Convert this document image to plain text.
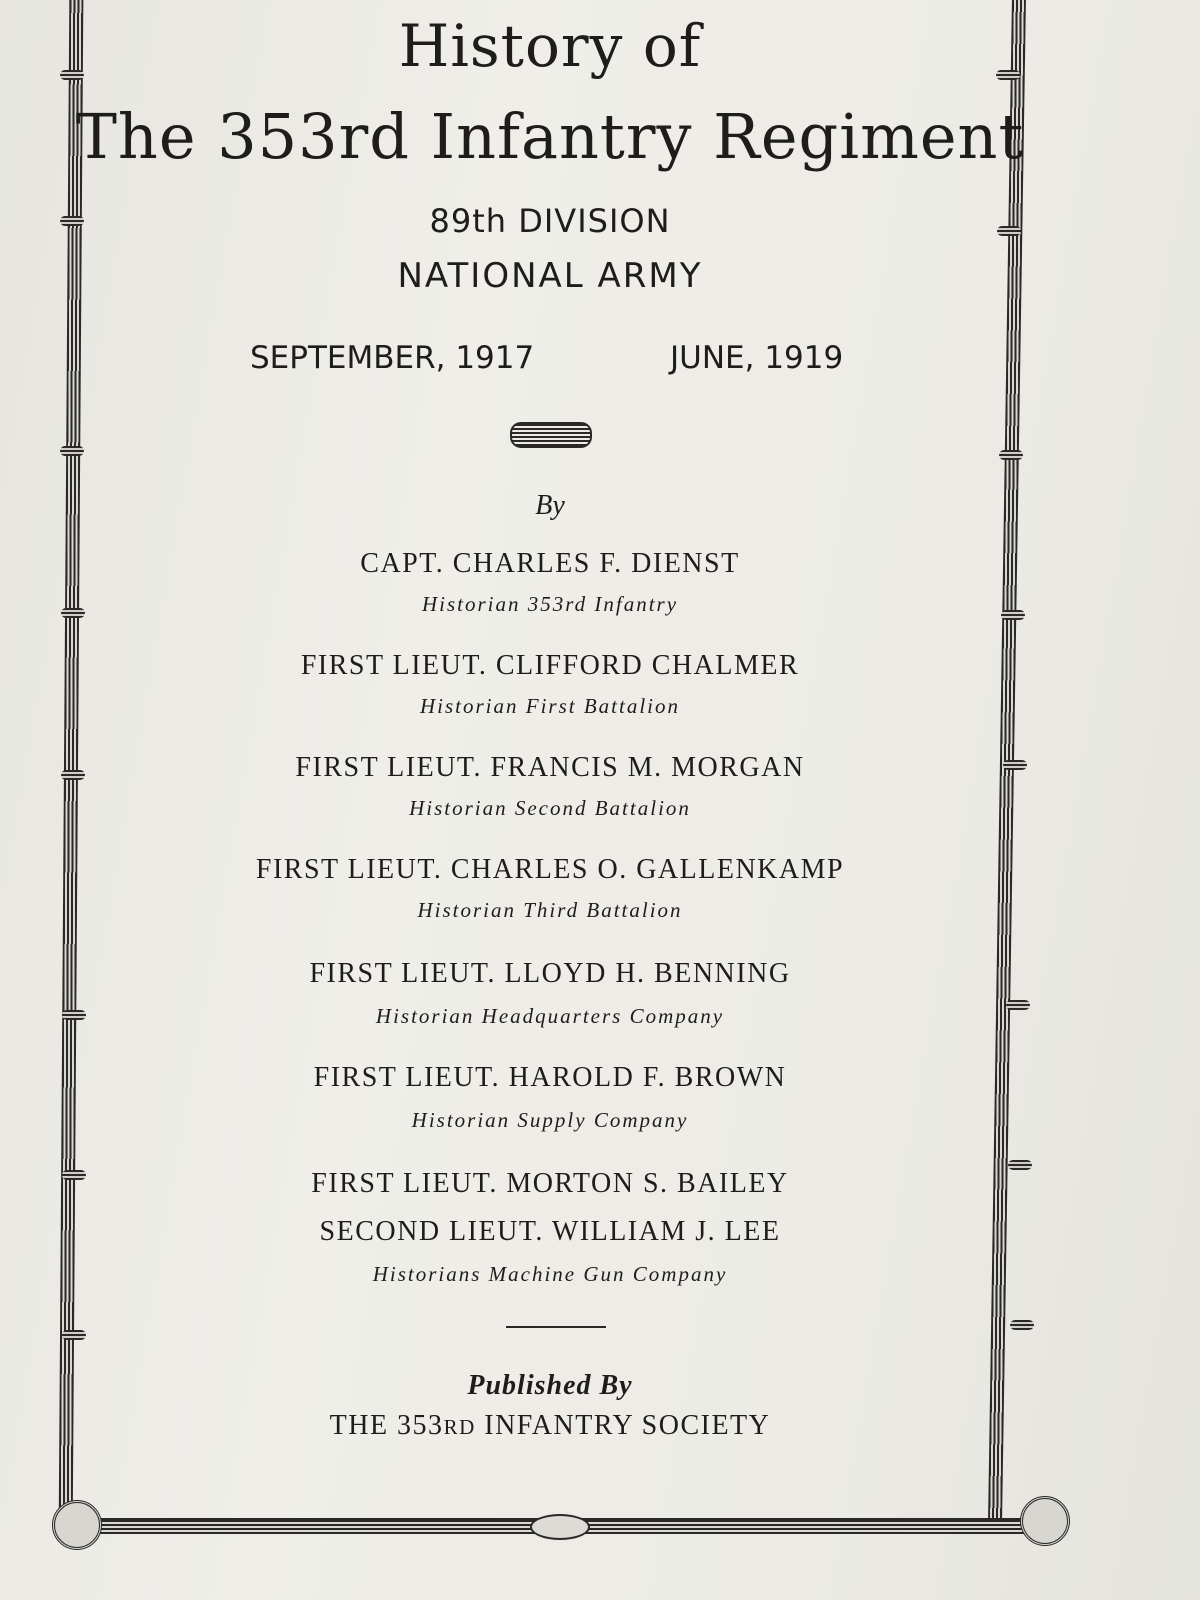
History of
The 353rd Infantry Regiment
89th DIVISION
NATIONAL ARMY
SEPTEMBER, 1917	JUNE, 1919
By
CAPT. CHARLES F. DIENST
Historian 353rd Infantry
FIRST LIEUT. CLIFFORD CHALMER
Historian First Battalion
FIRST LIEUT. FRANCIS M. MORGAN
Historian Second Battalion
FIRST LIEUT. CHARLES O. GALLENKAMP
Historian Third Battalion
FIRST LIEUT. LLOYD H. BENNING
Historian Headquarters Company
FIRST LIEUT. HAROLD F. BROWN
Historian Supply Company
FIRST LIEUT. MORTON S. BAILEY
SECOND LIEUT. WILLIAM J. LEE
Historians Machine Gun Company
Published By
THE 353RD INFANTRY SOCIETY
